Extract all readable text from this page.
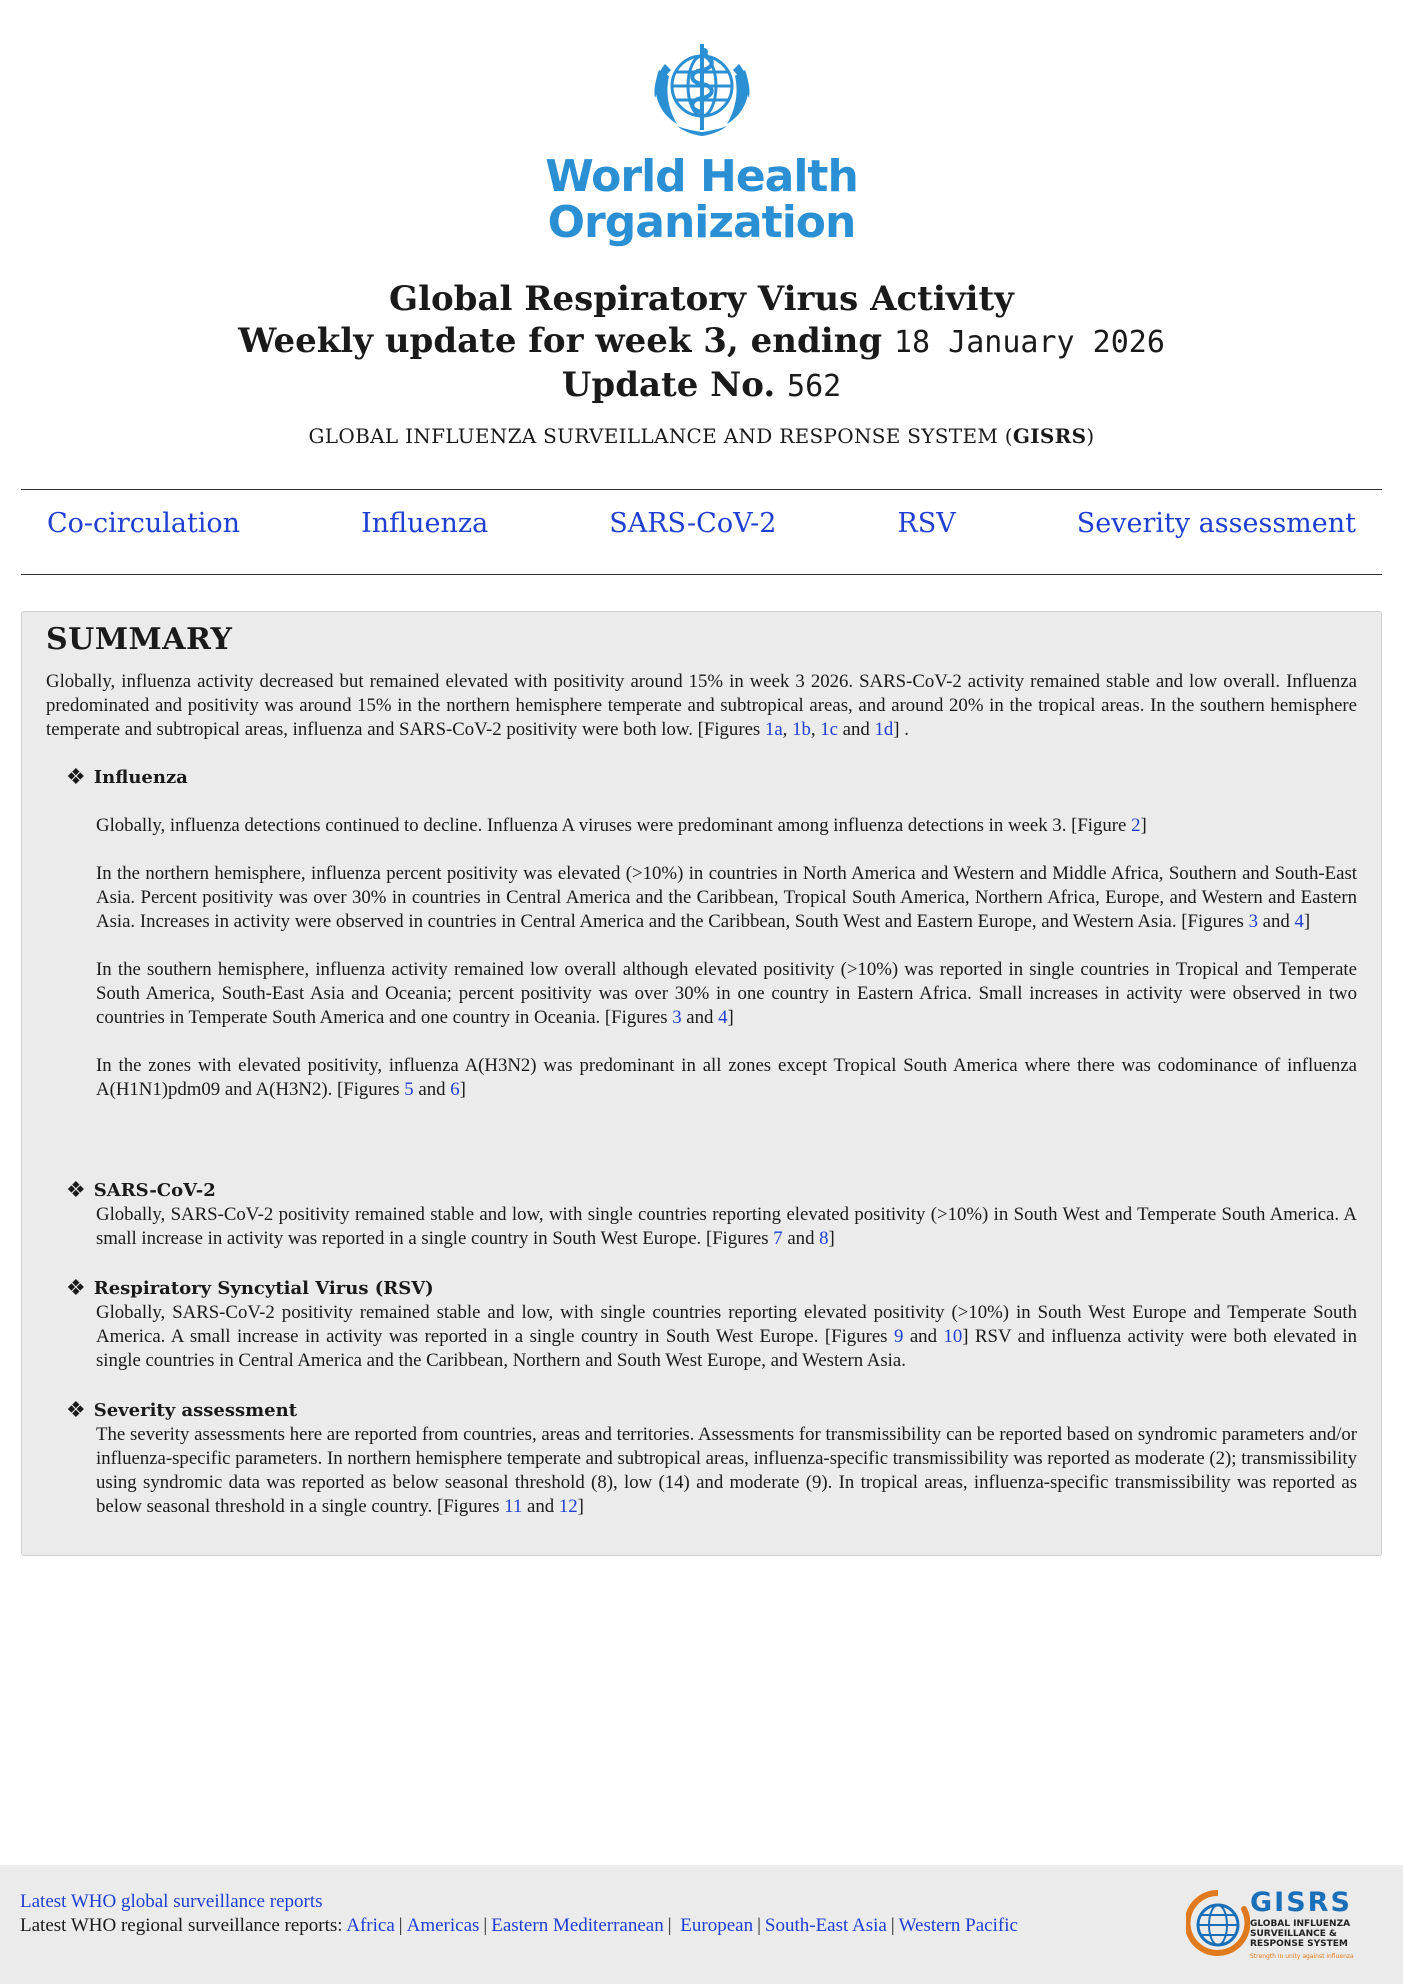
World Health
Organization
Global Respiratory Virus Activity
Weekly update for week 3, ending 18 January 2026
Update No. 562
GLOBAL INFLUENZA SURVEILLANCE AND RESPONSE SYSTEM (GISRS)
Co-circulation	Influenza	SARS-CoV-2	RSV	Severity assessment
SUMMARY
Globally, influenza activity decreased but remained elevated with positivity around 15% in week 3 2026. SARS-CoV-2 activity remained stable and low overall. Influenza predominated and positivity was around 15% in the northern hemisphere temperate and subtropical areas, and around 20% in the tropical areas. In the southern hemisphere temperate and subtropical areas, influenza and SARS-CoV-2 positivity were both low. [Figures 1a, 1b, 1c and 1d] .
❖ Influenza

Globally, influenza detections continued to decline. Influenza A viruses were predominant among influenza detections in week 3. [Figure 2]

In the northern hemisphere, influenza percent positivity was elevated (>10%) in countries in North America and Western and Middle Africa, Southern and South-East Asia. Percent positivity was over 30% in countries in Central America and the Caribbean, Tropical South America, Northern Africa, Europe, and Western and Eastern Asia. Increases in activity were observed in countries in Central America and the Caribbean, South West and Eastern Europe, and Western Asia. [Figures 3 and 4]

In the southern hemisphere, influenza activity remained low overall although elevated positivity (>10%) was reported in single countries in Tropical and Temperate South America, South-East Asia and Oceania; percent positivity was over 30% in one country in Eastern Africa. Small increases in activity were observed in two countries in Temperate South America and one country in Oceania. [Figures 3 and 4]

In the zones with elevated positivity, influenza A(H3N2) was predominant in all zones except Tropical South America where there was codominance of influenza A(H1N1)pdm09 and A(H3N2). [Figures 5 and 6]

❖ SARS-CoV-2
Globally, SARS-CoV-2 positivity remained stable and low, with single countries reporting elevated positivity (>10%) in South West and Temperate South America. A small increase in activity was reported in a single country in South West Europe. [Figures 7 and 8]
❖ Respiratory Syncytial Virus (RSV)
Globally, SARS-CoV-2 positivity remained stable and low, with single countries reporting elevated positivity (>10%) in South West Europe and Temperate South America. A small increase in activity was reported in a single country in South West Europe. [Figures 9 and 10] RSV and influenza activity were both elevated in single countries in Central America and the Caribbean, Northern and South West Europe, and Western Asia.
❖ Severity assessment
The severity assessments here are reported from countries, areas and territories. Assessments for transmissibility can be reported based on syndromic parameters and/or influenza-specific parameters. In northern hemisphere temperate and subtropical areas, influenza-specific transmissibility was reported as moderate (2); transmissibility using syndromic data was reported as below seasonal threshold (8), low (14) and moderate (9). In tropical areas, influenza-specific transmissibility was reported as below seasonal threshold in a single country. [Figures 11 and 12]
Latest WHO global surveillance reports
Latest WHO regional surveillance reports: Africa | Americas | Eastern Mediterranean | European | South-East Asia | Western Pacific
GISRS
GLOBAL INFLUENZA
SURVEILLANCE &
RESPONSE SYSTEM
Strength in unity against influenza
